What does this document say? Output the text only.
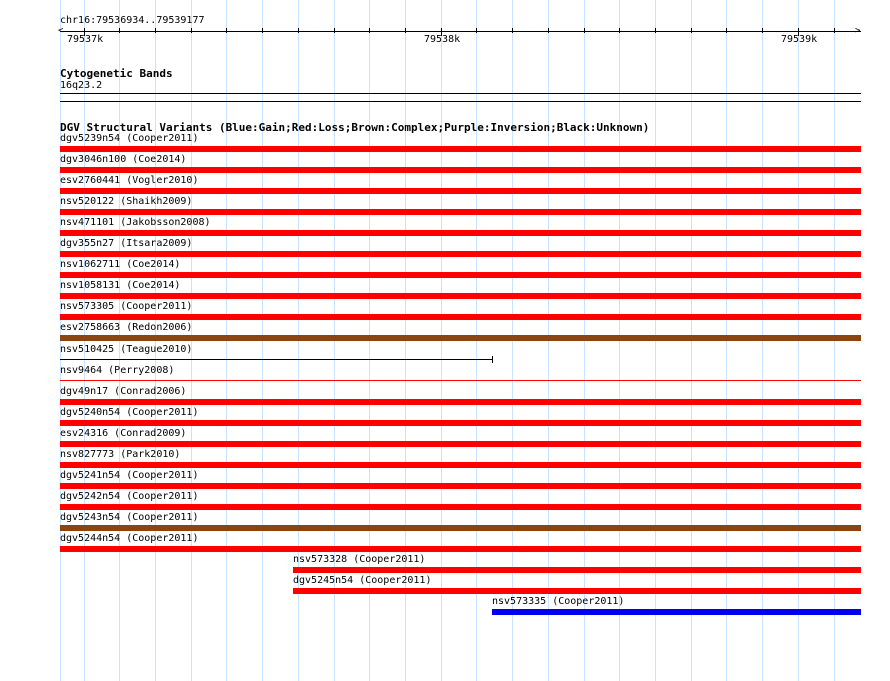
chr16:79536934..79539177
<	>
79537k	79538k	79539k
Cytogenetic Bands
16q23.2
DGV Structural Variants (Blue:Gain;Red:Loss;Brown:Complex;Purple:Inversion;Black:Unknown)
dgv5239n54 (Cooper2011)
dgv3046n100 (Coe2014)
esv2760441 (Vogler2010)
nsv520122 (Shaikh2009)
nsv471101 (Jakobsson2008)
dgv355n27 (Itsara2009)
nsv1062711 (Coe2014)
nsv1058131 (Coe2014)
nsv573305 (Cooper2011)
esv2758663 (Redon2006)
nsv510425 (Teague2010)
nsv9464 (Perry2008)
dgv49n17 (Conrad2006)
dgv5240n54 (Cooper2011)
esv24316 (Conrad2009)
nsv827773 (Park2010)
dgv5241n54 (Cooper2011)
dgv5242n54 (Cooper2011)
dgv5243n54 (Cooper2011)
dgv5244n54 (Cooper2011)
nsv573328 (Cooper2011)
dgv5245n54 (Cooper2011)
nsv573335 (Cooper2011)
